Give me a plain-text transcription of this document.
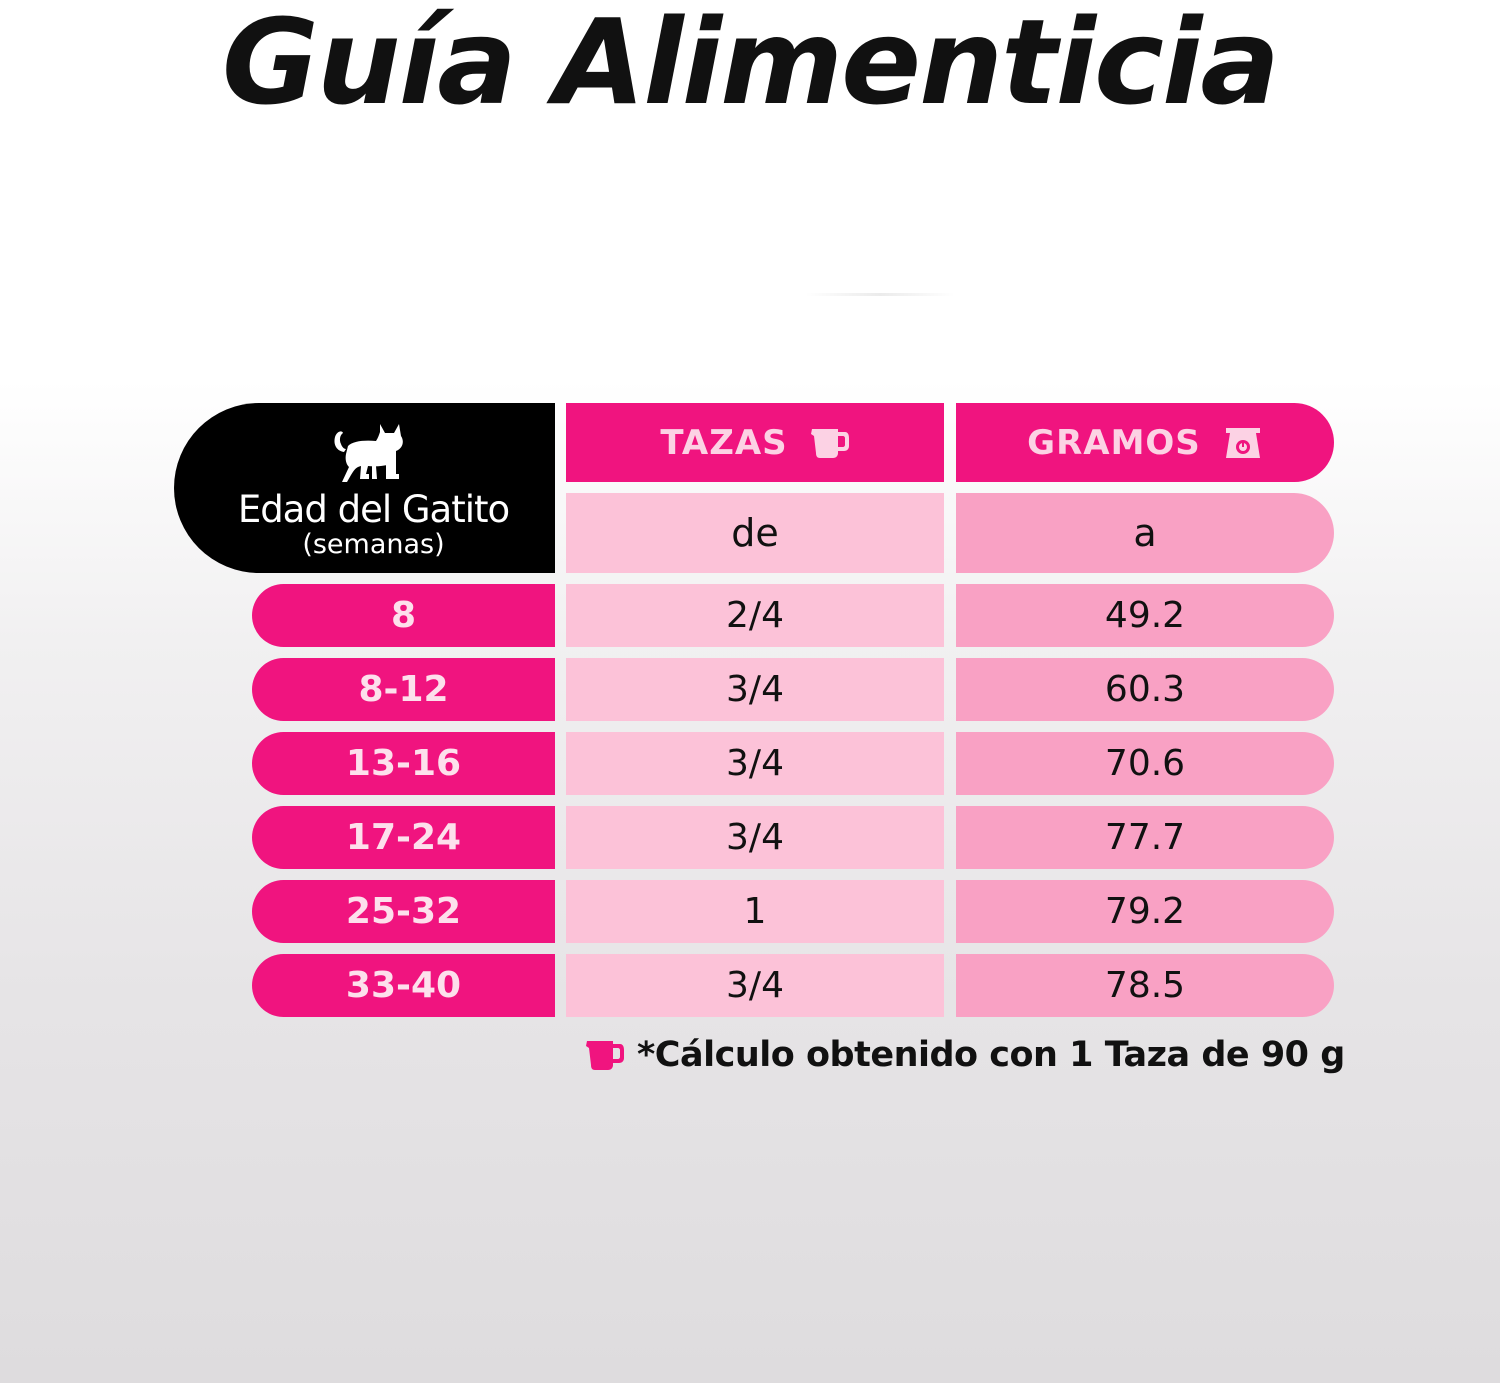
Guía Alimenticia
Edad del Gatito
(semanas)
TAZAS	GRAMOS
de	a
8	2/4	49.2
8-12	3/4	60.3
13-16	3/4	70.6
17-24	3/4	77.7
25-32	1	79.2
33-40	3/4	78.5
*Cálculo obtenido con 1 Taza de 90 g
